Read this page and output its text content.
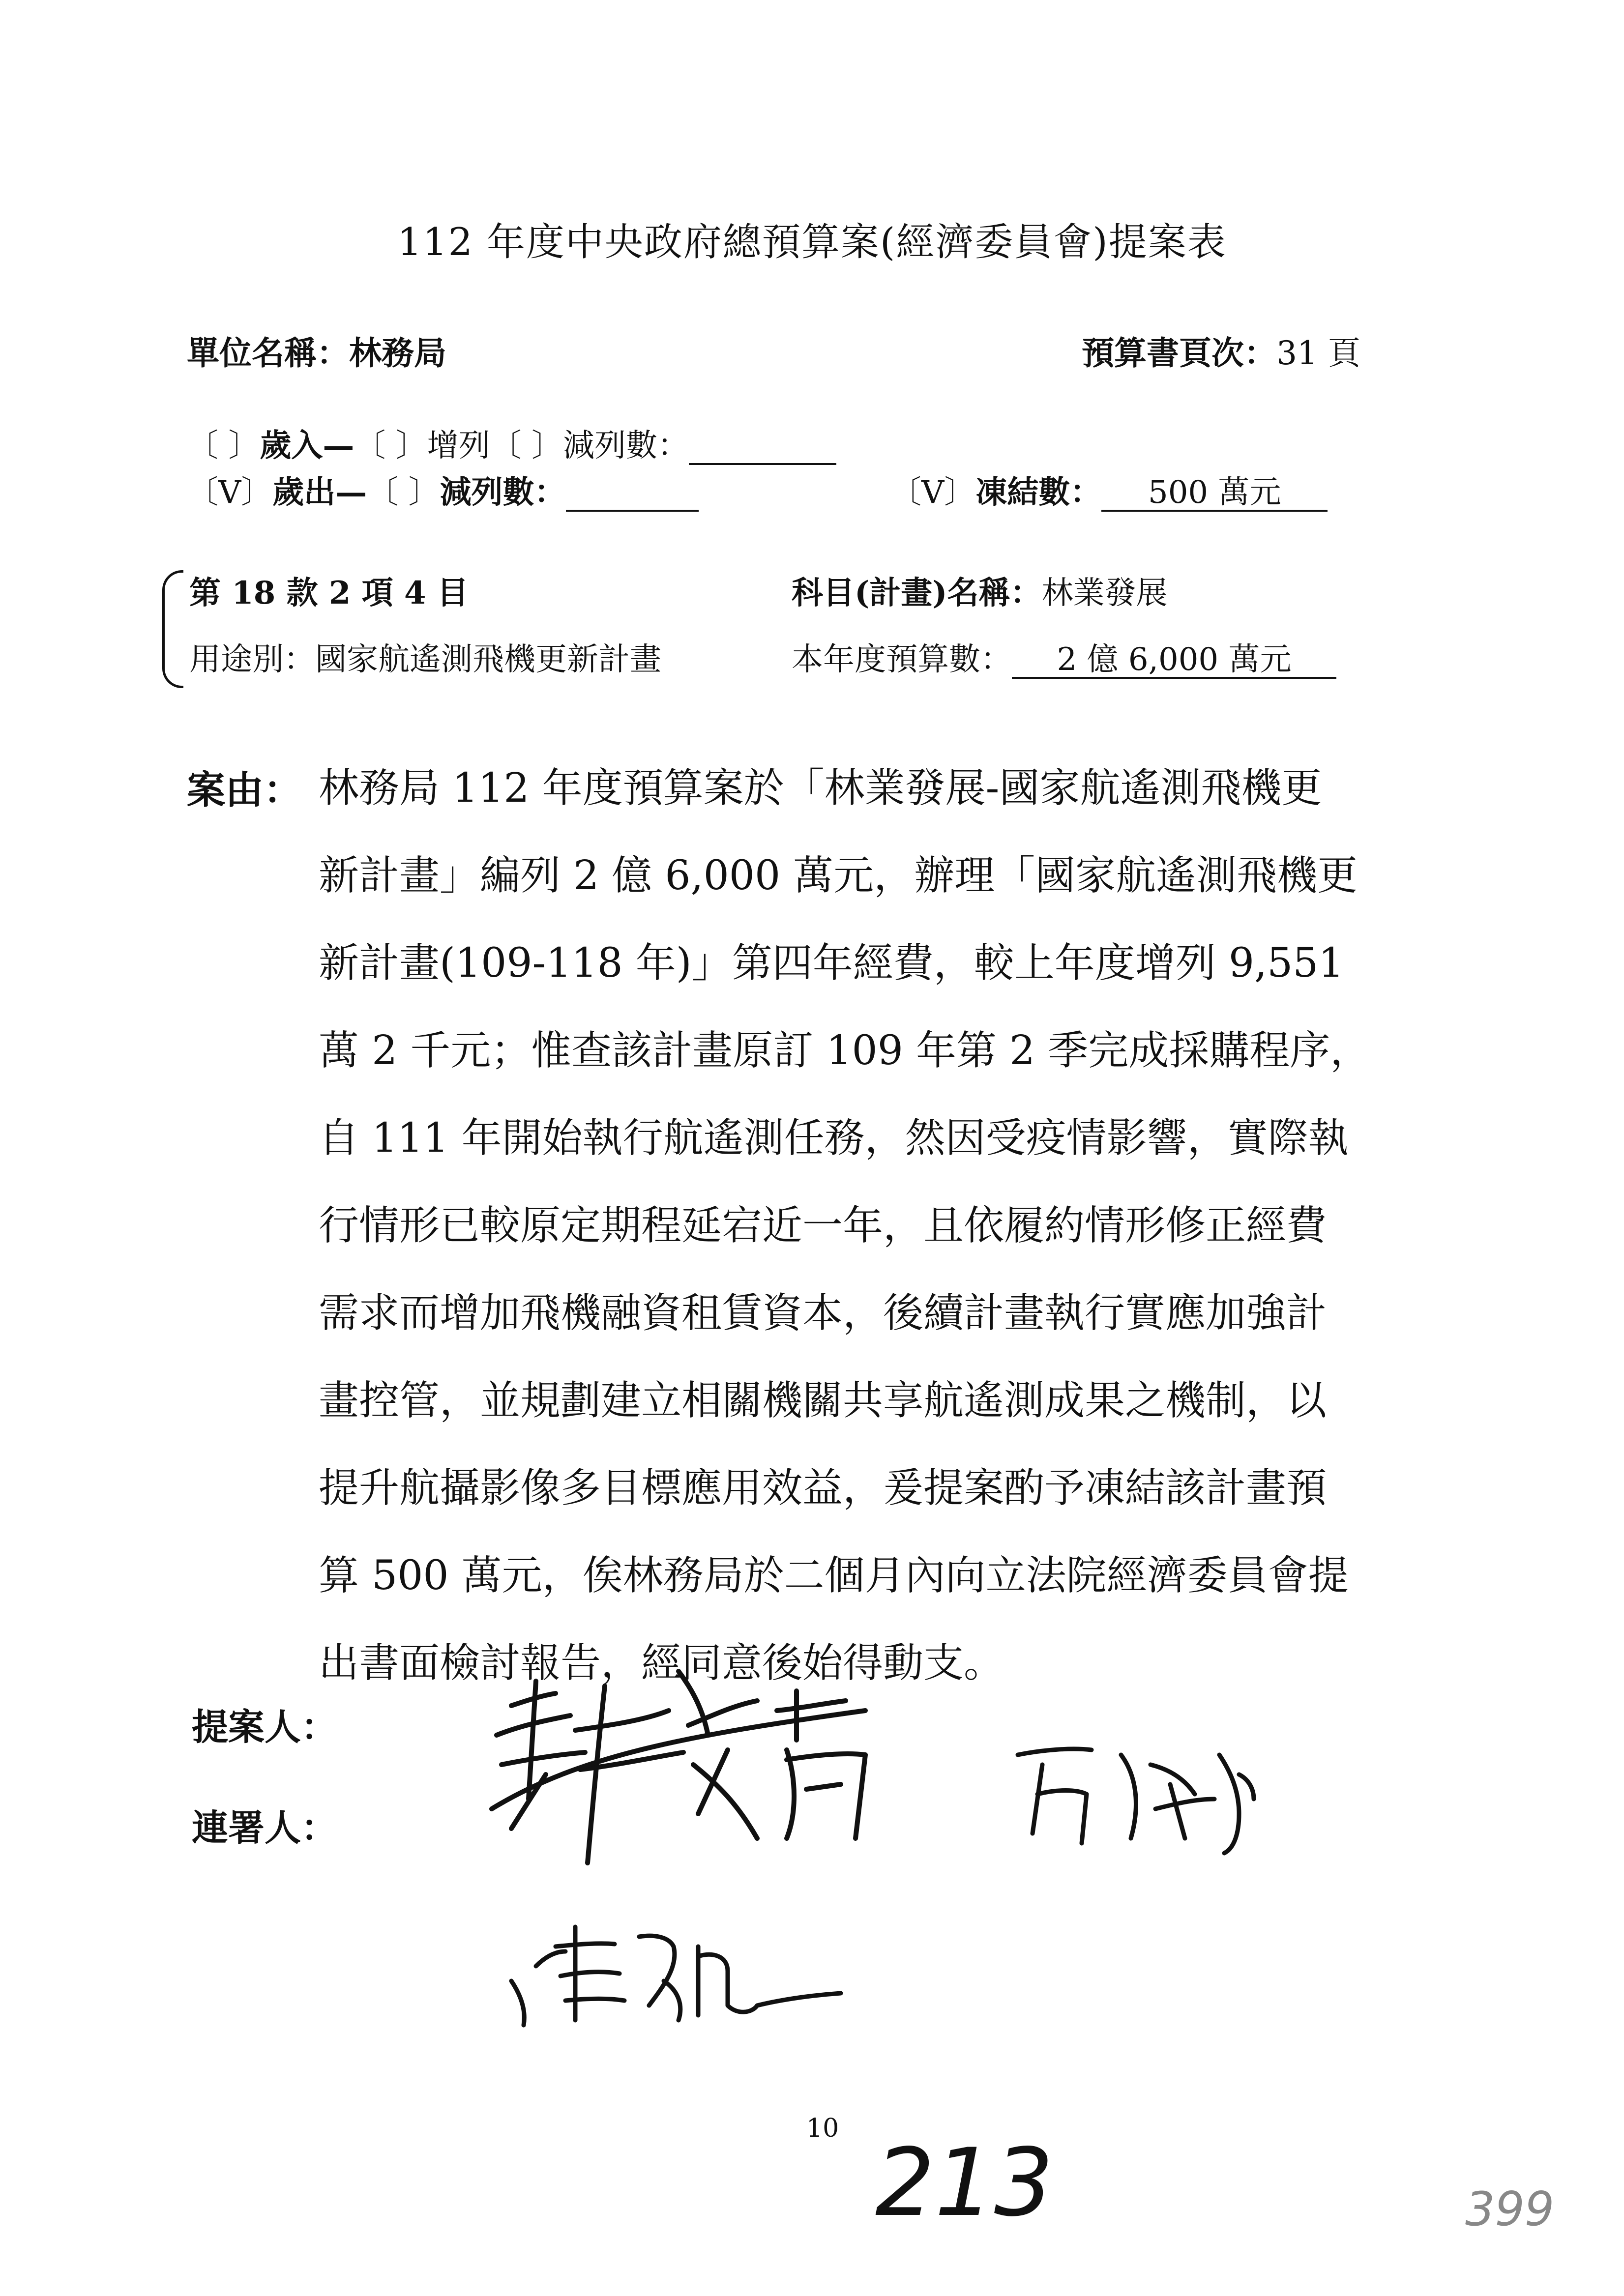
112 年度中央政府總預算案(經濟委員會)提案表
單位名稱：林務局	預算書頁次：31 頁
〔 〕歲入—〔 〕增列〔 〕減列數：
〔V〕歲出—〔 〕減列數：	〔V〕凍結數： 500 萬元
第 18 款 2 項 4 目
用途別：國家航遙測飛機更新計畫
科目(計畫)名稱：林業發展
本年度預算數： 2 億 6,000 萬元
案由： 林務局 112 年度預算案於「林業發展-國家航遙測飛機更
新計畫」編列 2 億 6,000 萬元，辦理「國家航遙測飛機更
新計畫(109-118 年)」第四年經費，較上年度增列 9,551
萬 2 千元；惟查該計畫原訂 109 年第 2 季完成採購程序，
自 111 年開始執行航遙測任務，然因受疫情影響，實際執
行情形已較原定期程延宕近一年，且依履約情形修正經費
需求而增加飛機融資租賃資本，後續計畫執行實應加強計
畫控管，並規劃建立相關機關共享航遙測成果之機制，以
提升航攝影像多目標應用效益，爰提案酌予凍結該計畫預
算 500 萬元，俟林務局於二個月內向立法院經濟委員會提
出書面檢討報告，經同意後始得動支。
提案人：
連署人：
10 213	399
